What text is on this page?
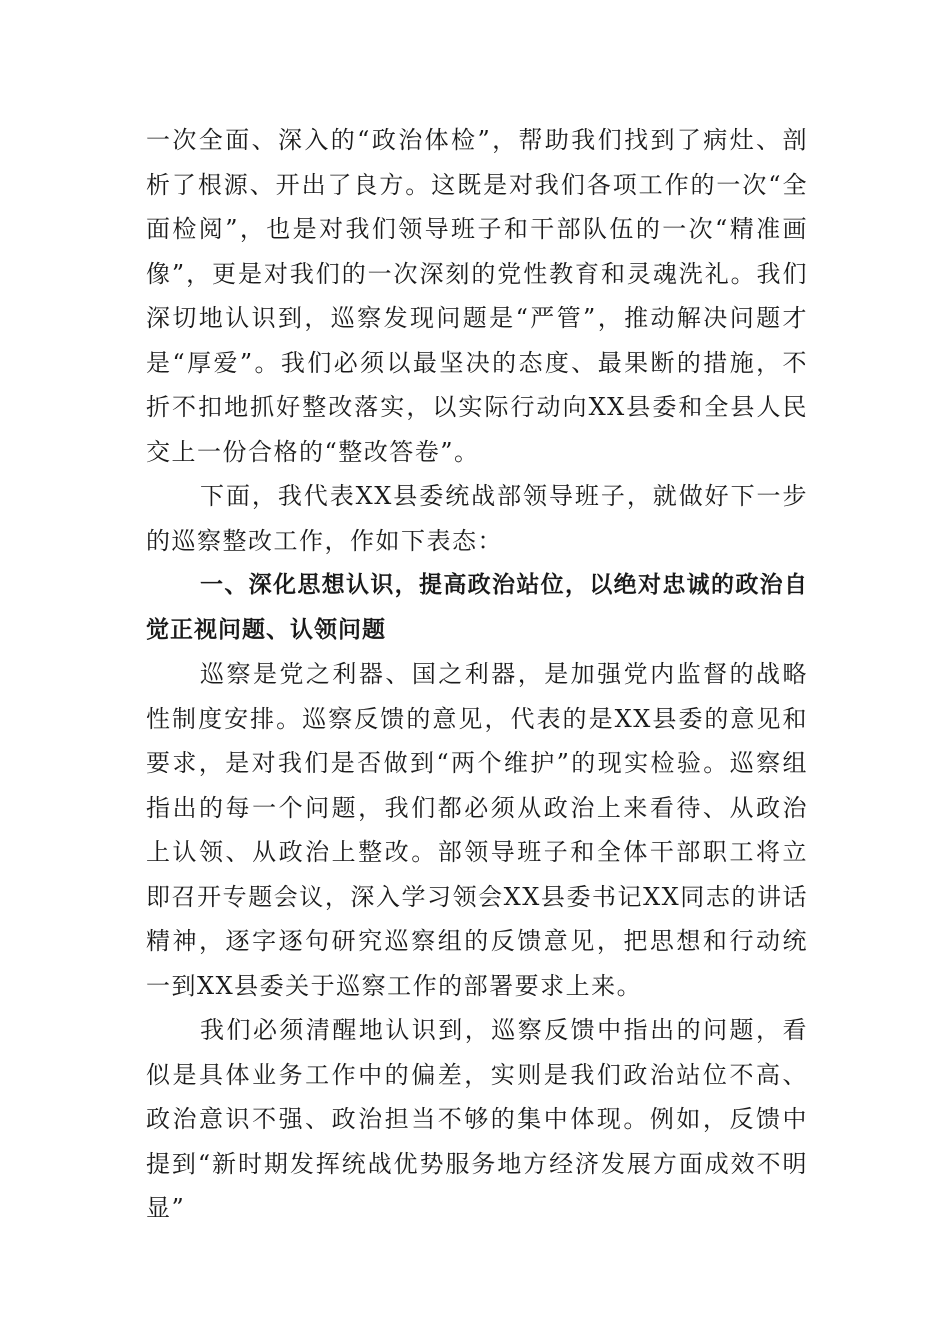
一次全面、深入的“政治体检”，帮助我们找到了病灶、剖析了根源、开出了良方。这既是对我们各项工作的一次“全面检阅”，也是对我们领导班子和干部队伍的一次“精准画像”，更是对我们的一次深刻的党性教育和灵魂洗礼。我们深切地认识到，巡察发现问题是“严管”，推动解决问题才是“厚爱”。我们必须以最坚决的态度、最果断的措施，不折不扣地抓好整改落实，以实际行动向XX县委和全县人民交上一份合格的“整改答卷”。

下面，我代表XX县委统战部领导班子，就做好下一步的巡察整改工作，作如下表态：

一、深化思想认识，提高政治站位，以绝对忠诚的政治自觉正视问题、认领问题

巡察是党之利器、国之利器，是加强党内监督的战略性制度安排。巡察反馈的意见，代表的是XX县委的意见和要求，是对我们是否做到“两个维护”的现实检验。巡察组指出的每一个问题，我们都必须从政治上来看待、从政治上认领、从政治上整改。部领导班子和全体干部职工将立即召开专题会议，深入学习领会XX县委书记XX同志的讲话精神，逐字逐句研究巡察组的反馈意见，把思想和行动统一到XX县委关于巡察工作的部署要求上来。

我们必须清醒地认识到，巡察反馈中指出的问题，看似是具体业务工作中的偏差，实则是我们政治站位不高、政治意识不强、政治担当不够的集中体现。例如，反馈中提到“新时期发挥统战优势服务地方经济发展方面成效不明显”
